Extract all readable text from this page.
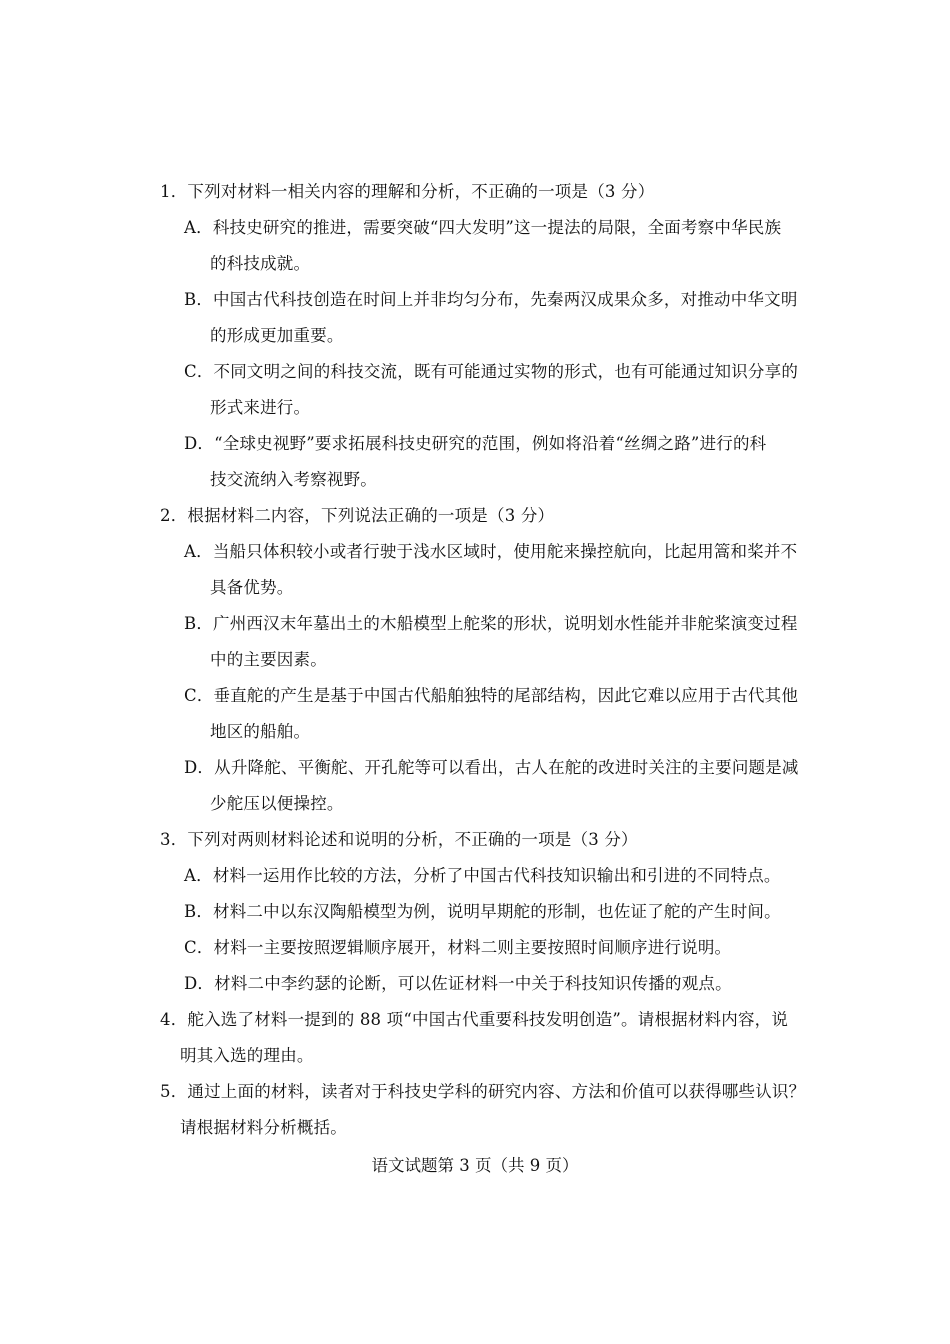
1．下列对材料一相关内容的理解和分析，不正确的一项是（3 分）
A．科技史研究的推进，需要突破“四大发明”这一提法的局限，全面考察中华民族
的科技成就。
B．中国古代科技创造在时间上并非均匀分布，先秦两汉成果众多，对推动中华文明
的形成更加重要。
C．不同文明之间的科技交流，既有可能通过实物的形式，也有可能通过知识分享的
形式来进行。
D．“全球史视野”要求拓展科技史研究的范围，例如将沿着“丝绸之路”进行的科
技交流纳入考察视野。
2．根据材料二内容，下列说法正确的一项是（3 分）
A．当船只体积较小或者行驶于浅水区域时，使用舵来操控航向，比起用篙和桨并不
具备优势。
B．广州西汉末年墓出土的木船模型上舵桨的形状，说明划水性能并非舵桨演变过程
中的主要因素。
C．垂直舵的产生是基于中国古代船舶独特的尾部结构，因此它难以应用于古代其他
地区的船舶。
D．从升降舵、平衡舵、开孔舵等可以看出，古人在舵的改进时关注的主要问题是减
少舵压以便操控。
3．下列对两则材料论述和说明的分析，不正确的一项是（3 分）
A．材料一运用作比较的方法，分析了中国古代科技知识输出和引进的不同特点。
B．材料二中以东汉陶船模型为例，说明早期舵的形制，也佐证了舵的产生时间。
C．材料一主要按照逻辑顺序展开，材料二则主要按照时间顺序进行说明。
D．材料二中李约瑟的论断，可以佐证材料一中关于科技知识传播的观点。
4．舵入选了材料一提到的 88 项“中国古代重要科技发明创造”。请根据材料内容，说
明其入选的理由。
5．通过上面的材料，读者对于科技史学科的研究内容、方法和价值可以获得哪些认识？
请根据材料分析概括。
语文试题第 3 页（共 9 页）
